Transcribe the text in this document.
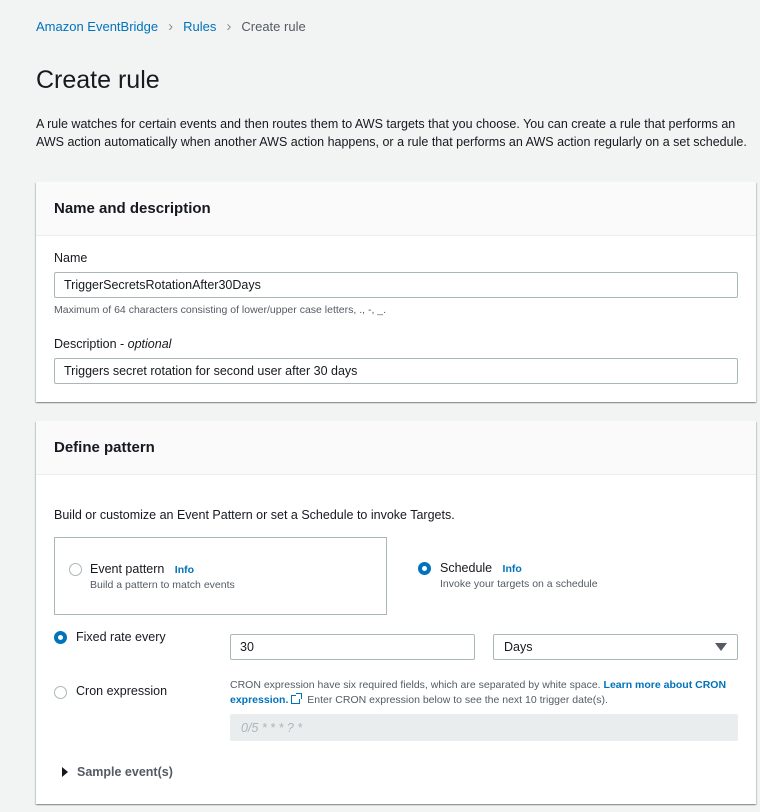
Amazon EventBridge › Rules › Create rule
Create rule

A rule watches for certain events and then routes them to AWS targets that you choose. You can create a rule that performs an AWS action automatically when another AWS action happens, or a rule that performs an AWS action regularly on a set schedule.

Name and description
Name
TriggerSecretsRotationAfter30Days
Maximum of 64 characters consisting of lower/upper case letters, ., -, _.
Description - optional
Triggers secret rotation for second user after 30 days
Define pattern

Build or customize an Event Pattern or set a Schedule to invoke Targets.

Event pattern Info
Build a pattern to match events
Schedule Info
Invoke your targets on a schedule
Fixed rate every
30
Days
Cron expression	CRON expression have six required fields, which are separated by white space. Learn more about CRON expression. Enter CRON expression below to see the next 10 trigger date(s).
0/5 * * * ? *
Sample event(s)
